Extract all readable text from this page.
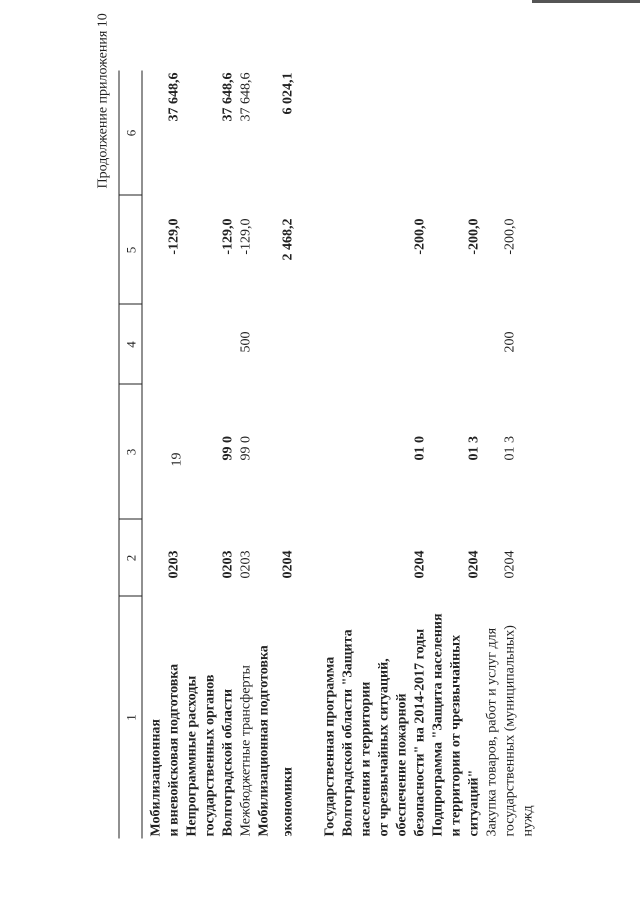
19
Продолжение приложения 10
1
2
3
4
5
6
Мобилизационная и вневойсковая подготовка
0203
-129,0
37 648,6
Непрограммные расходы государственных органов Волгоградской области
0203
99 0
-129,0
37 648,6
Межбюджетные трансферты
0203
99 0
500
-129,0
37 648,6
Мобилизационная подготовка экономики
0204
2 468,2
6 024,1
Государственная программа Волгоградской области "Защита населения и территории от чрезвычайных ситуаций, обеспечение пожарной безопасности" на 2014-2017 годы
0204
01 0
-200,0
Подпрограмма "Защита населения и территории от чрезвычайных ситуаций"
0204
01 3
-200,0
Закупка товаров, работ и услуг для государственных (муниципальных) нужд
0204
01 3
200
-200,0
